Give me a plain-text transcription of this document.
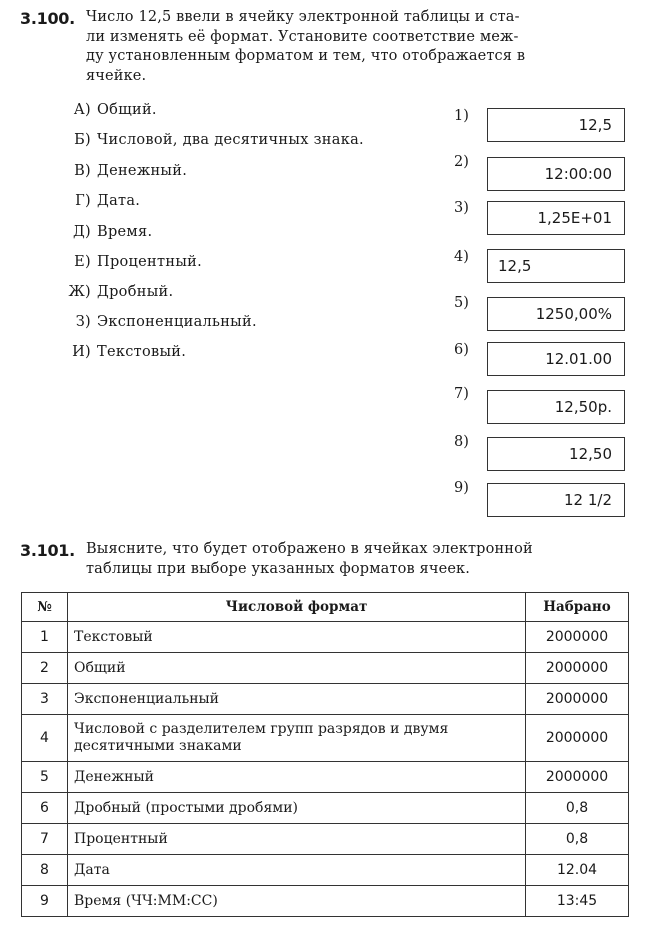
3.100. Число 12,5 ввели в ячейку электронной таблицы и ста-
ли изменять её формат. Установите соответствие меж-
ду установленным форматом и тем, что отображается в
ячейке.
А) Общий.
Б) Числовой, два десятичных знака.
В) Денежный.
Г) Дата.
Д) Время.
Е) Процентный.
Ж) Дробный.
З) Экспоненциальный.
И) Текстовый.
1)	12,5
2)
12:00:00
3)
1,25E+01
4)	12,5
5)
1250,00%
6)	12.01.00
7)
12,50р.
8)
12,50
9)
12 1/2
3.101. Выясните, что будет отображено в ячейках электронной
таблицы при выборе указанных форматов ячеек.
№	Числовой формат	Набрано
1	Текстовый	2000000
2	Общий	2000000
3	Экспоненциальный	2000000
4	Числовой с разделителем групп разрядов и двумя
десятичными знаками	2000000
5	Денежный	2000000
6	Дробный (простыми дробями)	0,8
7	Процентный	0,8
8	Дата	12.04
9	Время (ЧЧ:ММ:СС)	13:45
